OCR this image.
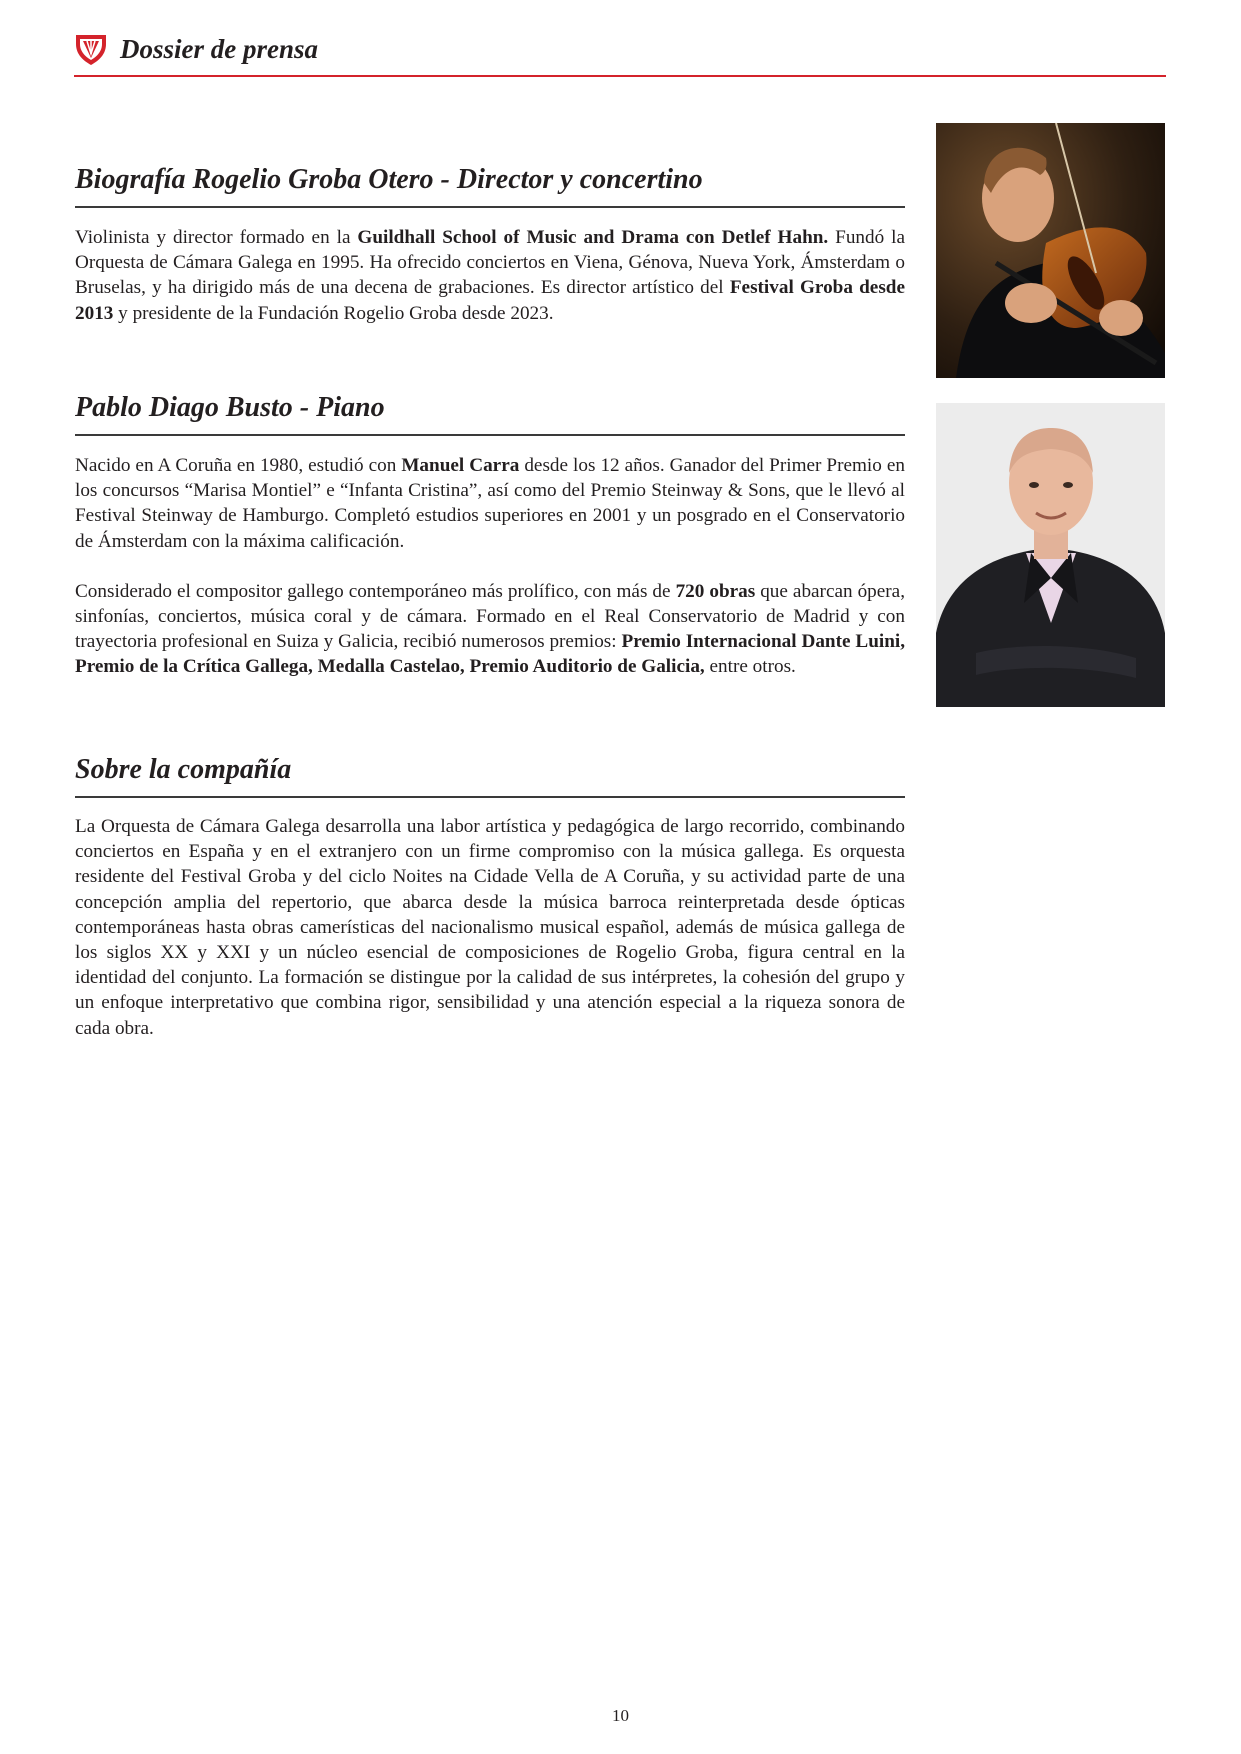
Dossier de prensa
Biografía Rogelio Groba Otero - Director y concertino

Violinista y director formado en la Guildhall School of Music and Drama con Detlef Hahn. Fundó la Orquesta de Cámara Galega en 1995. Ha ofrecido conciertos en Viena, Génova, Nueva York, Ámsterdam o Bruselas, y ha dirigido más de una decena de grabaciones. Es director artístico del Festival Groba desde 2013 y presidente de la Fundación Rogelio Groba desde 2023.

Pablo Diago Busto - Piano

Nacido en A Coruña en 1980, estudió con Manuel Carra desde los 12 años. Ganador del Primer Premio en los concursos “Marisa Montiel” e “Infanta Cristina”, así como del Premio Steinway & Sons, que le llevó al Festival Steinway de Hamburgo. Completó estudios superiores en 2001 y un posgrado en el Conservatorio de Ámsterdam con la máxima calificación.

Considerado el compositor gallego contemporáneo más prolífico, con más de 720 obras que abarcan ópera, sinfonías, conciertos, música coral y de cámara. Formado en el Real Conservatorio de Madrid y con trayectoria profesional en Suiza y Galicia, recibió numerosos premios: Premio Internacional Dante Luini, Premio de la Crítica Gallega, Medalla Castelao, Premio Auditorio de Galicia, entre otros.

Sobre la compañía

La Orquesta de Cámara Galega desarrolla una labor artística y pedagógica de largo recorrido, combinando conciertos en España y en el extranjero con un firme compromiso con la música gallega. Es orquesta residente del Festival Groba y del ciclo Noites na Cidade Vella de A Coruña, y su actividad parte de una concepción amplia del repertorio, que abarca desde la música barroca reinterpretada desde ópticas contemporáneas hasta obras camerísticas del nacionalismo musical español, además de música gallega de los siglos XX y XXI y un núcleo esencial de composiciones de Rogelio Groba, figura central en la identidad del conjunto. La formación se distingue por la calidad de sus intérpretes, la cohesión del grupo y un enfoque interpretativo que combina rigor, sensibilidad y una atención especial a la riqueza sonora de cada obra.

10
